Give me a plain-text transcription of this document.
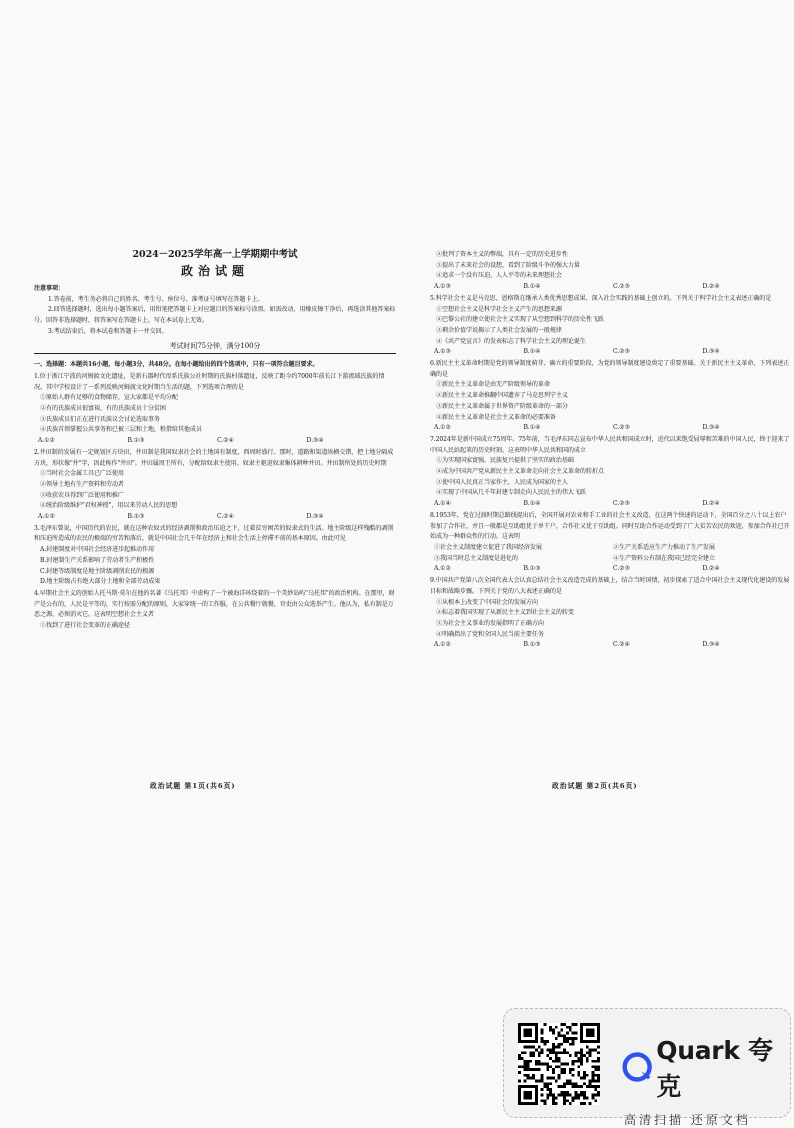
2024－2025学年高一上学期期中考试
政治试题
注意事项：
1.答卷前，考生务必将自己的姓名、考生号、座位号、准考证号填写在答题卡上。
2.回答选择题时，选出每小题答案后，用铅笔把答题卡上对应题目的答案标号涂黑。如需改动，用橡皮擦干净后，再选涂其他答案标号。回答非选择题时，将答案写在答题卡上，写在本试卷上无效。
3.考试结束后，将本试卷和答题卡一并交回。
考试时间75分钟，满分100分
一、选择题：本题共16小题，每小题3分，共48分。在每小题给出的四个选项中，只有一项符合题目要求。
1.位于浙江宁波的河姆渡文化遗址，是新石器时代母系氏族公社时期的氏族村落遗址，反映了距今约7000年前长江下游流域氏族的情况。其中学校设计了一系列反映河姆渡文化时期当生活的题，下列选项合理的是
①原始人群有足够的食物储存，宣大家都是平均分配
②有的氏族成员很富裕，有的氏族成员十分贫困
③氏族成员们正在进行氏族议会讨论选取事务
④氏族首领掌握公共事务和已被三层和土地，租借给其他成员
A.①②	B.①③	C.②④	D.③④
2.井田制的发展有一定规划区方块田，井田制是我国奴隶社会的土地国有制度，西周时盛行。那时，道路和渠道纵横交错，把土地分隔成方块，形状像"井"字，因此称作"井田"。井田属周王所有，分配给奴隶主使用。奴隶主驱迫奴隶集体耕种井田。井田制所处的历史时期
①当时社会金属工具已广泛使用
②领导土地有生产资料和劳动者
③收获农具得到广泛使用和推广
④统治阶级维护"君权神授"，用以来劳动人民的思想
A.①②	B.①③	C.②④	D.③④
3.毛泽东曾说，中国历代的农民，就在这种农奴式的经济剥削和政治压迫之下，过着贫穷困苦的奴隶式的生活。地主阶级这样残酷的剥削和压迫所造成的农民的极端的穷苦和落后，就是中国社会几千年在经济上和社会生活上停滞不前的基本原因。由此可见
A.封建制度对中国社会经济进步起推动作用
B.封建制生产关系影响了劳动者生产积极性
C.封建等级制度是地主阶级剥削农民的根源
D.地主阶级占有绝大部分土地和全部劳动成果
4.早期社会主义的创始人托马斯·莫尔在他的名著《乌托邦》中虚构了一个被海洋环绕着的一个美妙岛屿"乌托邦"的政治机构。在那里，财产是公有的，人民是平等的，实行按需分配的原则，大家穿统一的工作服，在公共餐厅就餐，官吏由公众选举产生。他认为，私有制是万恶之源，必须消灭它。这表明空想社会主义者
①找到了进行社会变革的正确途径
政治试题 第1页(共6页)
②批判了资本主义的弊端，具有一定的历史进步性
③提出了未来社会的设想，看到了阶级斗争的强大力量
④追求一个没有压迫、人人平等的未来理想社会
A.①③	B.①④	C.②③	D.②④
5.科学社会主义是马克思、恩格斯在继承人类优秀思想成果、深入社会实践的基础上创立的。下列关于科学社会主义表述正确的是
①空想社会主义是科学社会主义产生的思想来源
②巴黎公社的建立使社会主义实现了从空想到科学的历史性飞跃
③剩余价值学说揭示了人类社会发展的一般规律
④《共产党宣言》的发表标志了科学社会主义的理论诞生
A.①③	B.①④	C.②③	D.③④
6.新民主主义革命时期是党的领导制度萌芽、确立的重要阶段，为党的领导制度建设奠定了重要基础。关于新民主主义革命，下列表述正确的是
①新民主主义革命是由无产阶级领导的革命
②新民主主义革命推翻中国遗弃了马克思列宁主义
③新民主主义革命属于世界资产阶级革命的一部分
④新民主主义革命是社会主义革命的必要准备
A.①②	B.①④	C.②③	D.③④
7.2024年是新中国成立75周年。75年前，当毛泽东同志宣布中华人民共和国成立时，近代以来饱受屈辱和苦难的中国人民，终于迎来了中国人民站起来的历史时刻。这表明中华人民共和国的成立
①为实现国家富强、民族复兴提供了坚实的政治基础
②成为中国共产党从新民主主义革命走向社会主义革命的转折点
③使中国人民真正当家作主，人民成为国家的主人
④实现了中国从几千年封建专制走向人民民主的伟大飞跃
A.①④	B.①④	C.②③	D.②④
8.1953年，党在过渡时期总路线提出后，全国开展对农业和手工业的社会主义改造，在这两个快速的运动下，全国百分之八十以上农户参加了合作社，并且一般都是互助组优于单干户，合作社又优于互助组。同时互助合作运动受到了广大贫苦农民的欢迎，参加合作社已开始成为一种群众性的行动。这表明
①社会主义制度建立促进了我国经济发展	②生产关系适应生产力推动了生产发展
③我国当时总主义制度是进化的	④生产资料公有制在我国已经完全建立
A.①②	B.①③	C.②③	D.②④
9.中国共产党第八次全国代表大会认真总结社会主义改造完成的基础上，结合当时国情，初步探索了适合中国社会主义现代化建设的发展目标和战略步骤。下列关于党的八大表述正确的是
①从根本上改变了中国社会的发展方向
②标志着我国实现了从新民主主义到社会主义的转变
③为社会主义事业的发展指明了正确方向
④明确指出了党和全国人民当前主要任务
A.①②	B.①③	C.②④	D.③④
政治试题 第2页(共6页)
Quark 夸克
高清扫描 还原文档
